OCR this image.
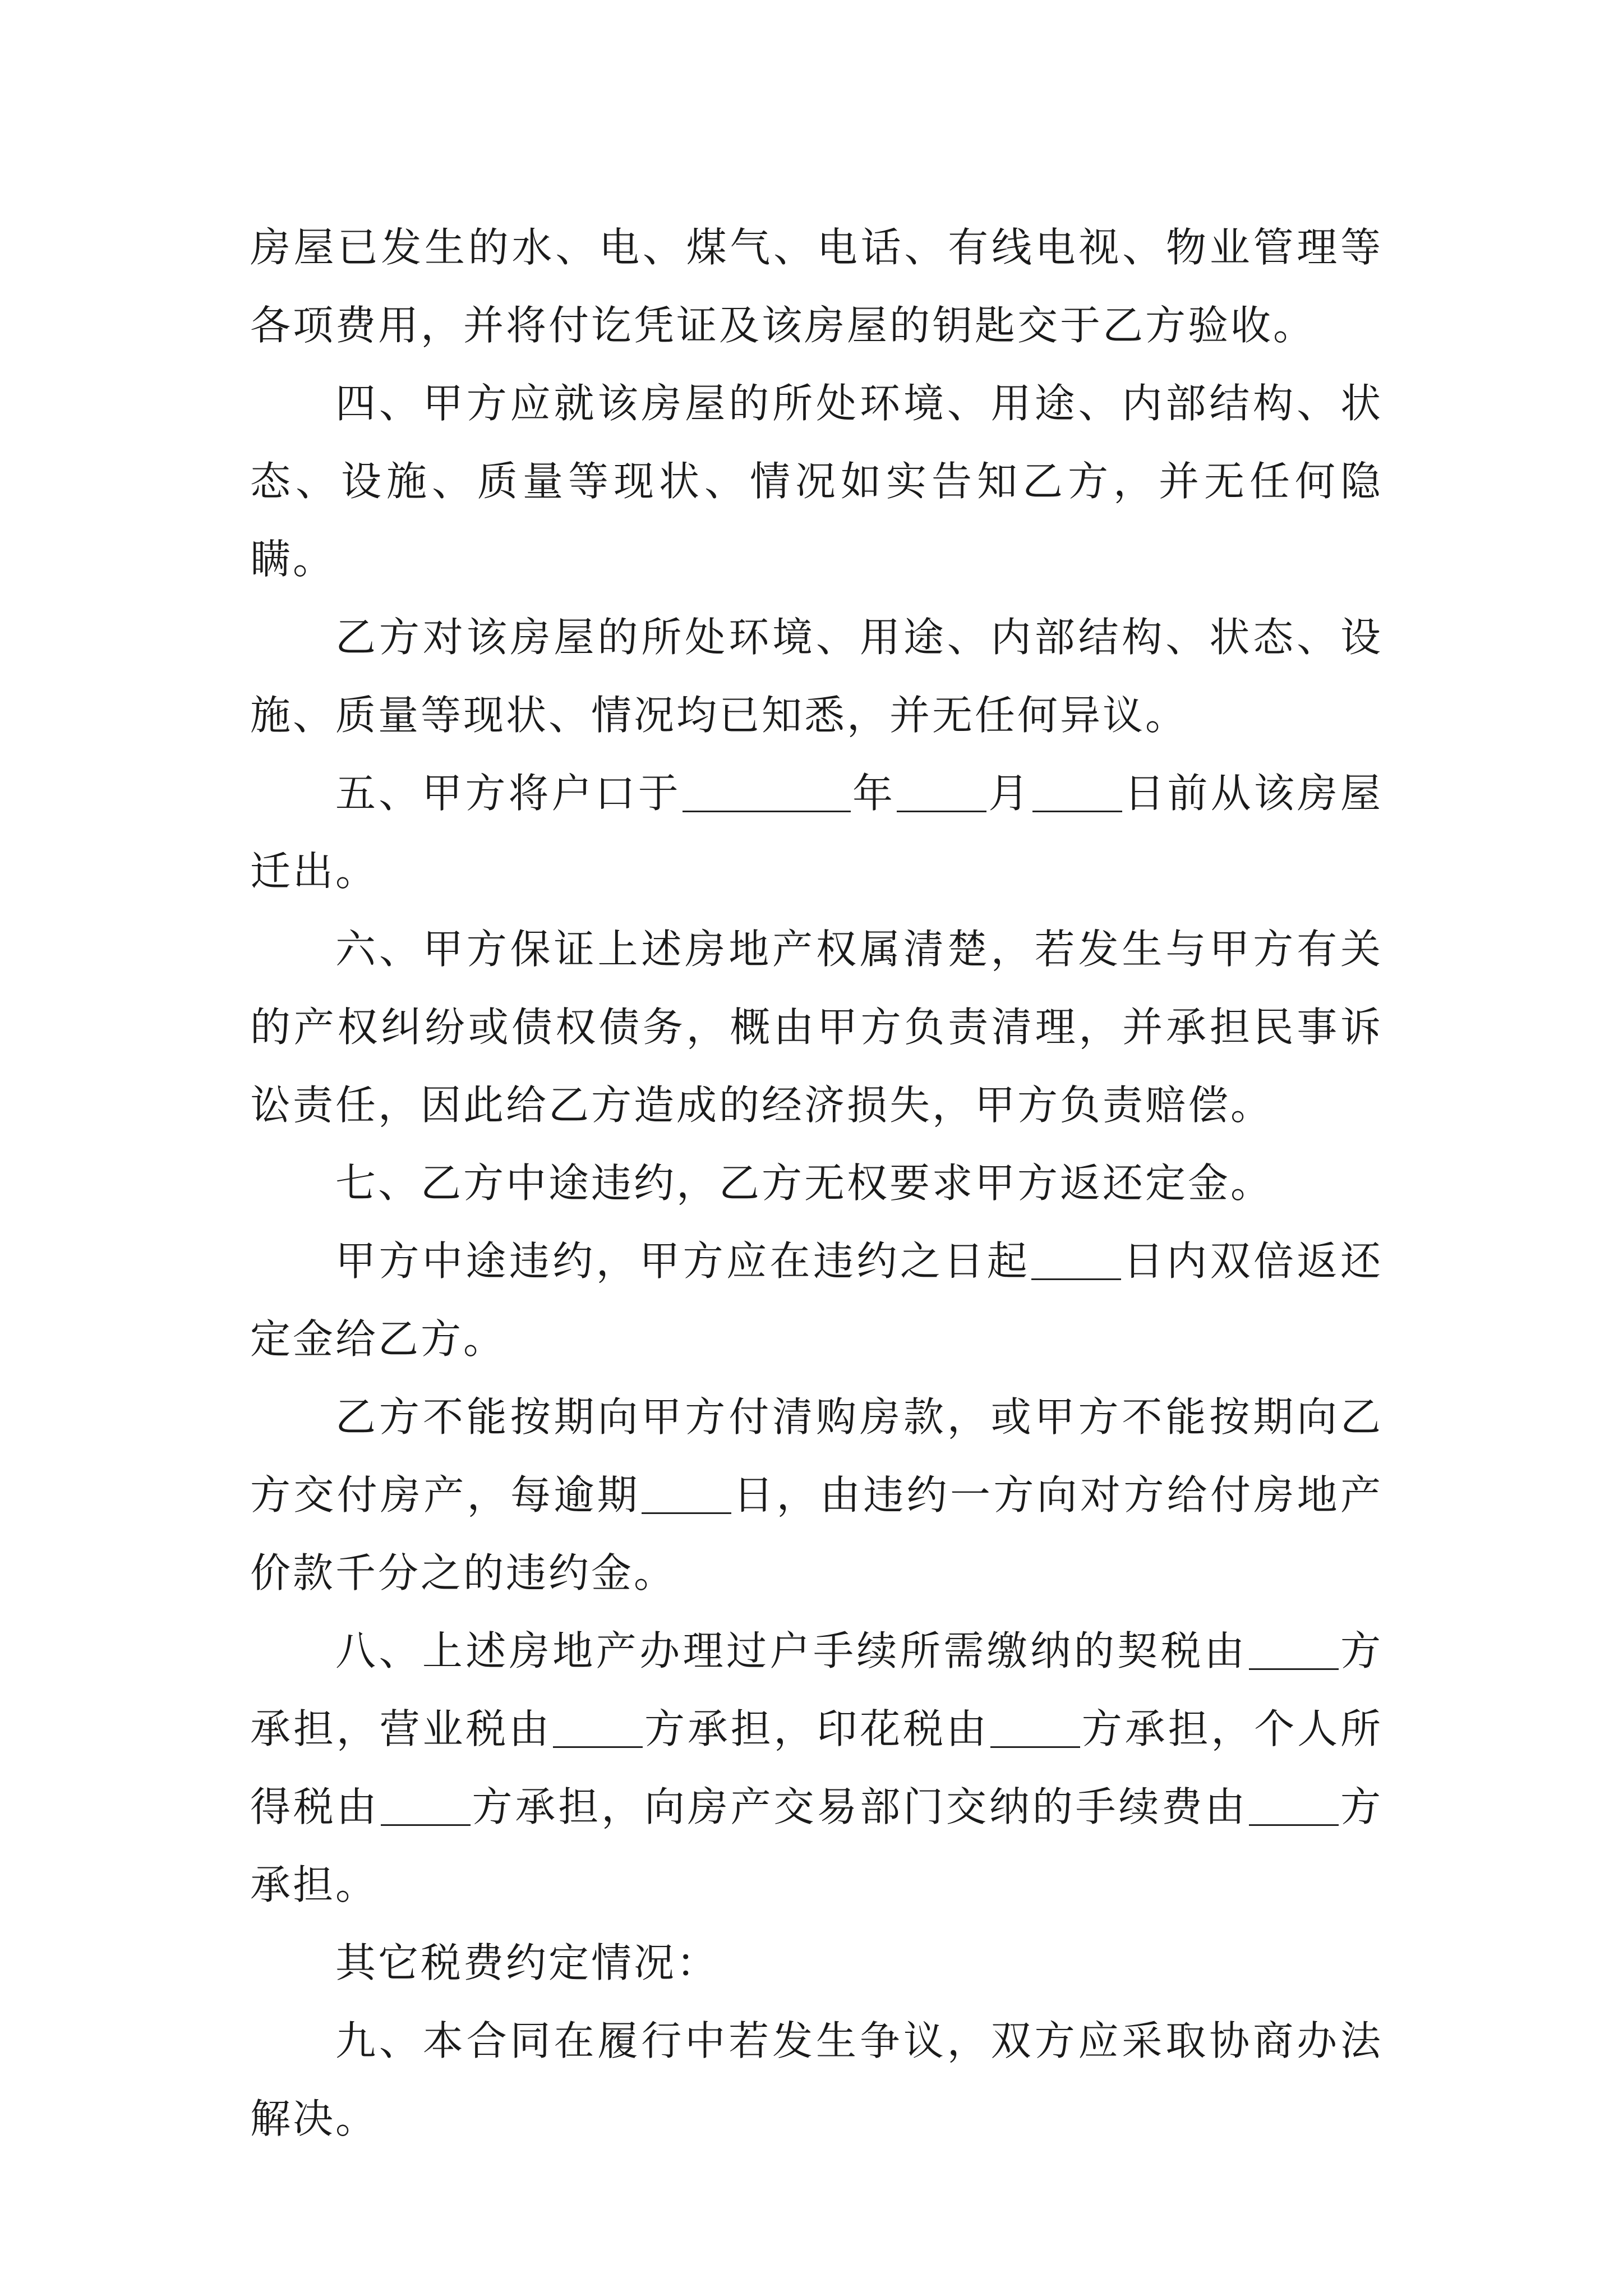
房屋已发生的水、电、煤气、电话、有线电视、物业管理等各项费用，并将付讫凭证及该房屋的钥匙交于乙方验收。

四、甲方应就该房屋的所处环境、用途、内部结构、状态、设施、质量等现状、情况如实告知乙方，并无任何隐瞒。

乙方对该房屋的所处环境、用途、内部结构、状态、设施、质量等现状、情况均已知悉，并无任何异议。

五、甲方将户口于	年 月 日前从该房屋迁出。

六、甲方保证上述房地产权属清楚，若发生与甲方有关的产权纠纷或债权债务，概由甲方负责清理，并承担民事诉讼责任，因此给乙方造成的经济损失，甲方负责赔偿。

七、乙方中途违约，乙方无权要求甲方返还定金。

甲方中途违约，甲方应在违约之日起 日内双倍返还定金给乙方。

乙方不能按期向甲方付清购房款，或甲方不能按期向乙方交付房产，每逾期 日，由违约一方向对方给付房地产价款千分之的违约金。

八、上述房地产办理过户手续所需缴纳的契税由 方承担，营业税由 方承担，印花税由 方承担，个人所得税由 方承担，向房产交易部门交纳的手续费由 方承担。

其它税费约定情况：

九、本合同在履行中若发生争议，双方应采取协商办法解决。
